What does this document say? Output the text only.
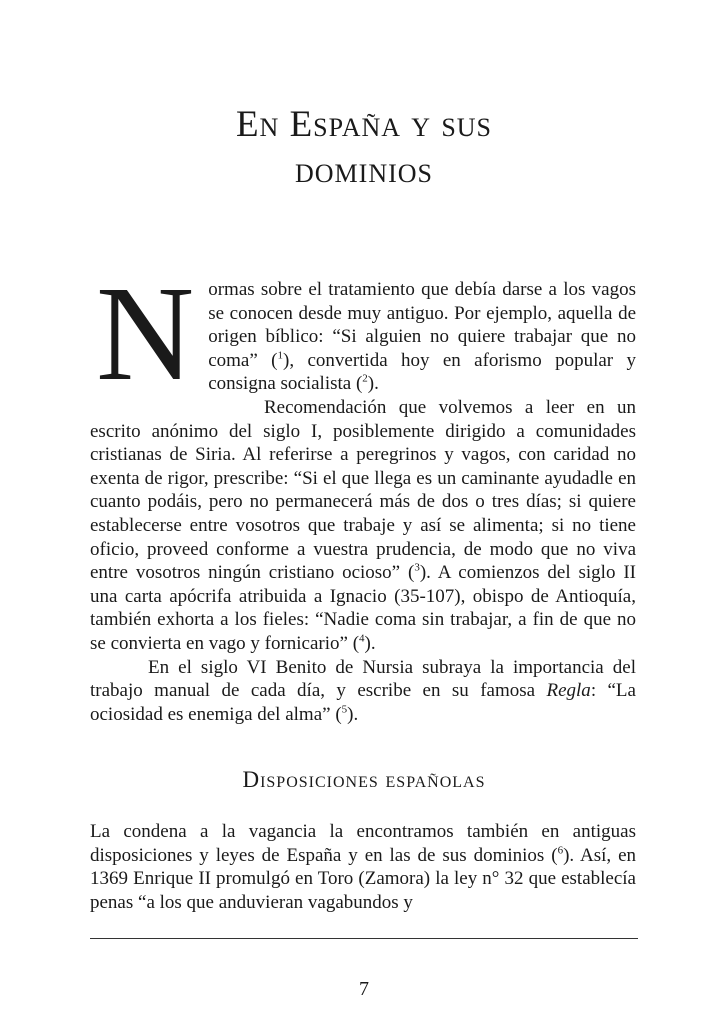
En España y sus
dominios

Normas sobre el tratamiento que debía darse a los vagos se conocen desde muy antiguo. Por ejemplo, aquella de origen bíblico: “Si alguien no quiere trabajar que no coma” ($^1$), convertida hoy en aforismo popular y consigna socialista ($^2$).

Recomendación que volvemos a leer en un escrito anónimo del siglo I, posiblemente dirigido a comunidades cristianas de Siria. Al referirse a peregrinos y vagos, con caridad no exenta de rigor, prescribe: “Si el que llega es un caminante ayudadle en cuanto podáis, pero no permanecerá más de dos o tres días; si quiere establecerse entre vosotros que trabaje y así se alimenta; si no tiene oficio, proveed conforme a vuestra prudencia, de modo que no viva entre vosotros ningún cristiano ocioso” ($^3$). A comienzos del siglo II una carta apócrifa atribuida a Ignacio (35-107), obispo de Antioquía, también exhorta a los fieles: “Nadie coma sin trabajar, a fin de que no se convierta en vago y fornicario” ($^4$).

En el siglo VI Benito de Nursia subraya la importancia del trabajo manual de cada día, y escribe en su famosa Regla: “La ociosidad es enemiga del alma” ($^5$).

Disposiciones españolas

La condena a la vagancia la encontramos también en antiguas disposiciones y leyes de España y en las de sus dominios ($^6$). Así, en 1369 Enrique II promulgó en Toro (Zamora) la ley n° 32 que establecía penas “a los que anduvieran vagabundos y

7
